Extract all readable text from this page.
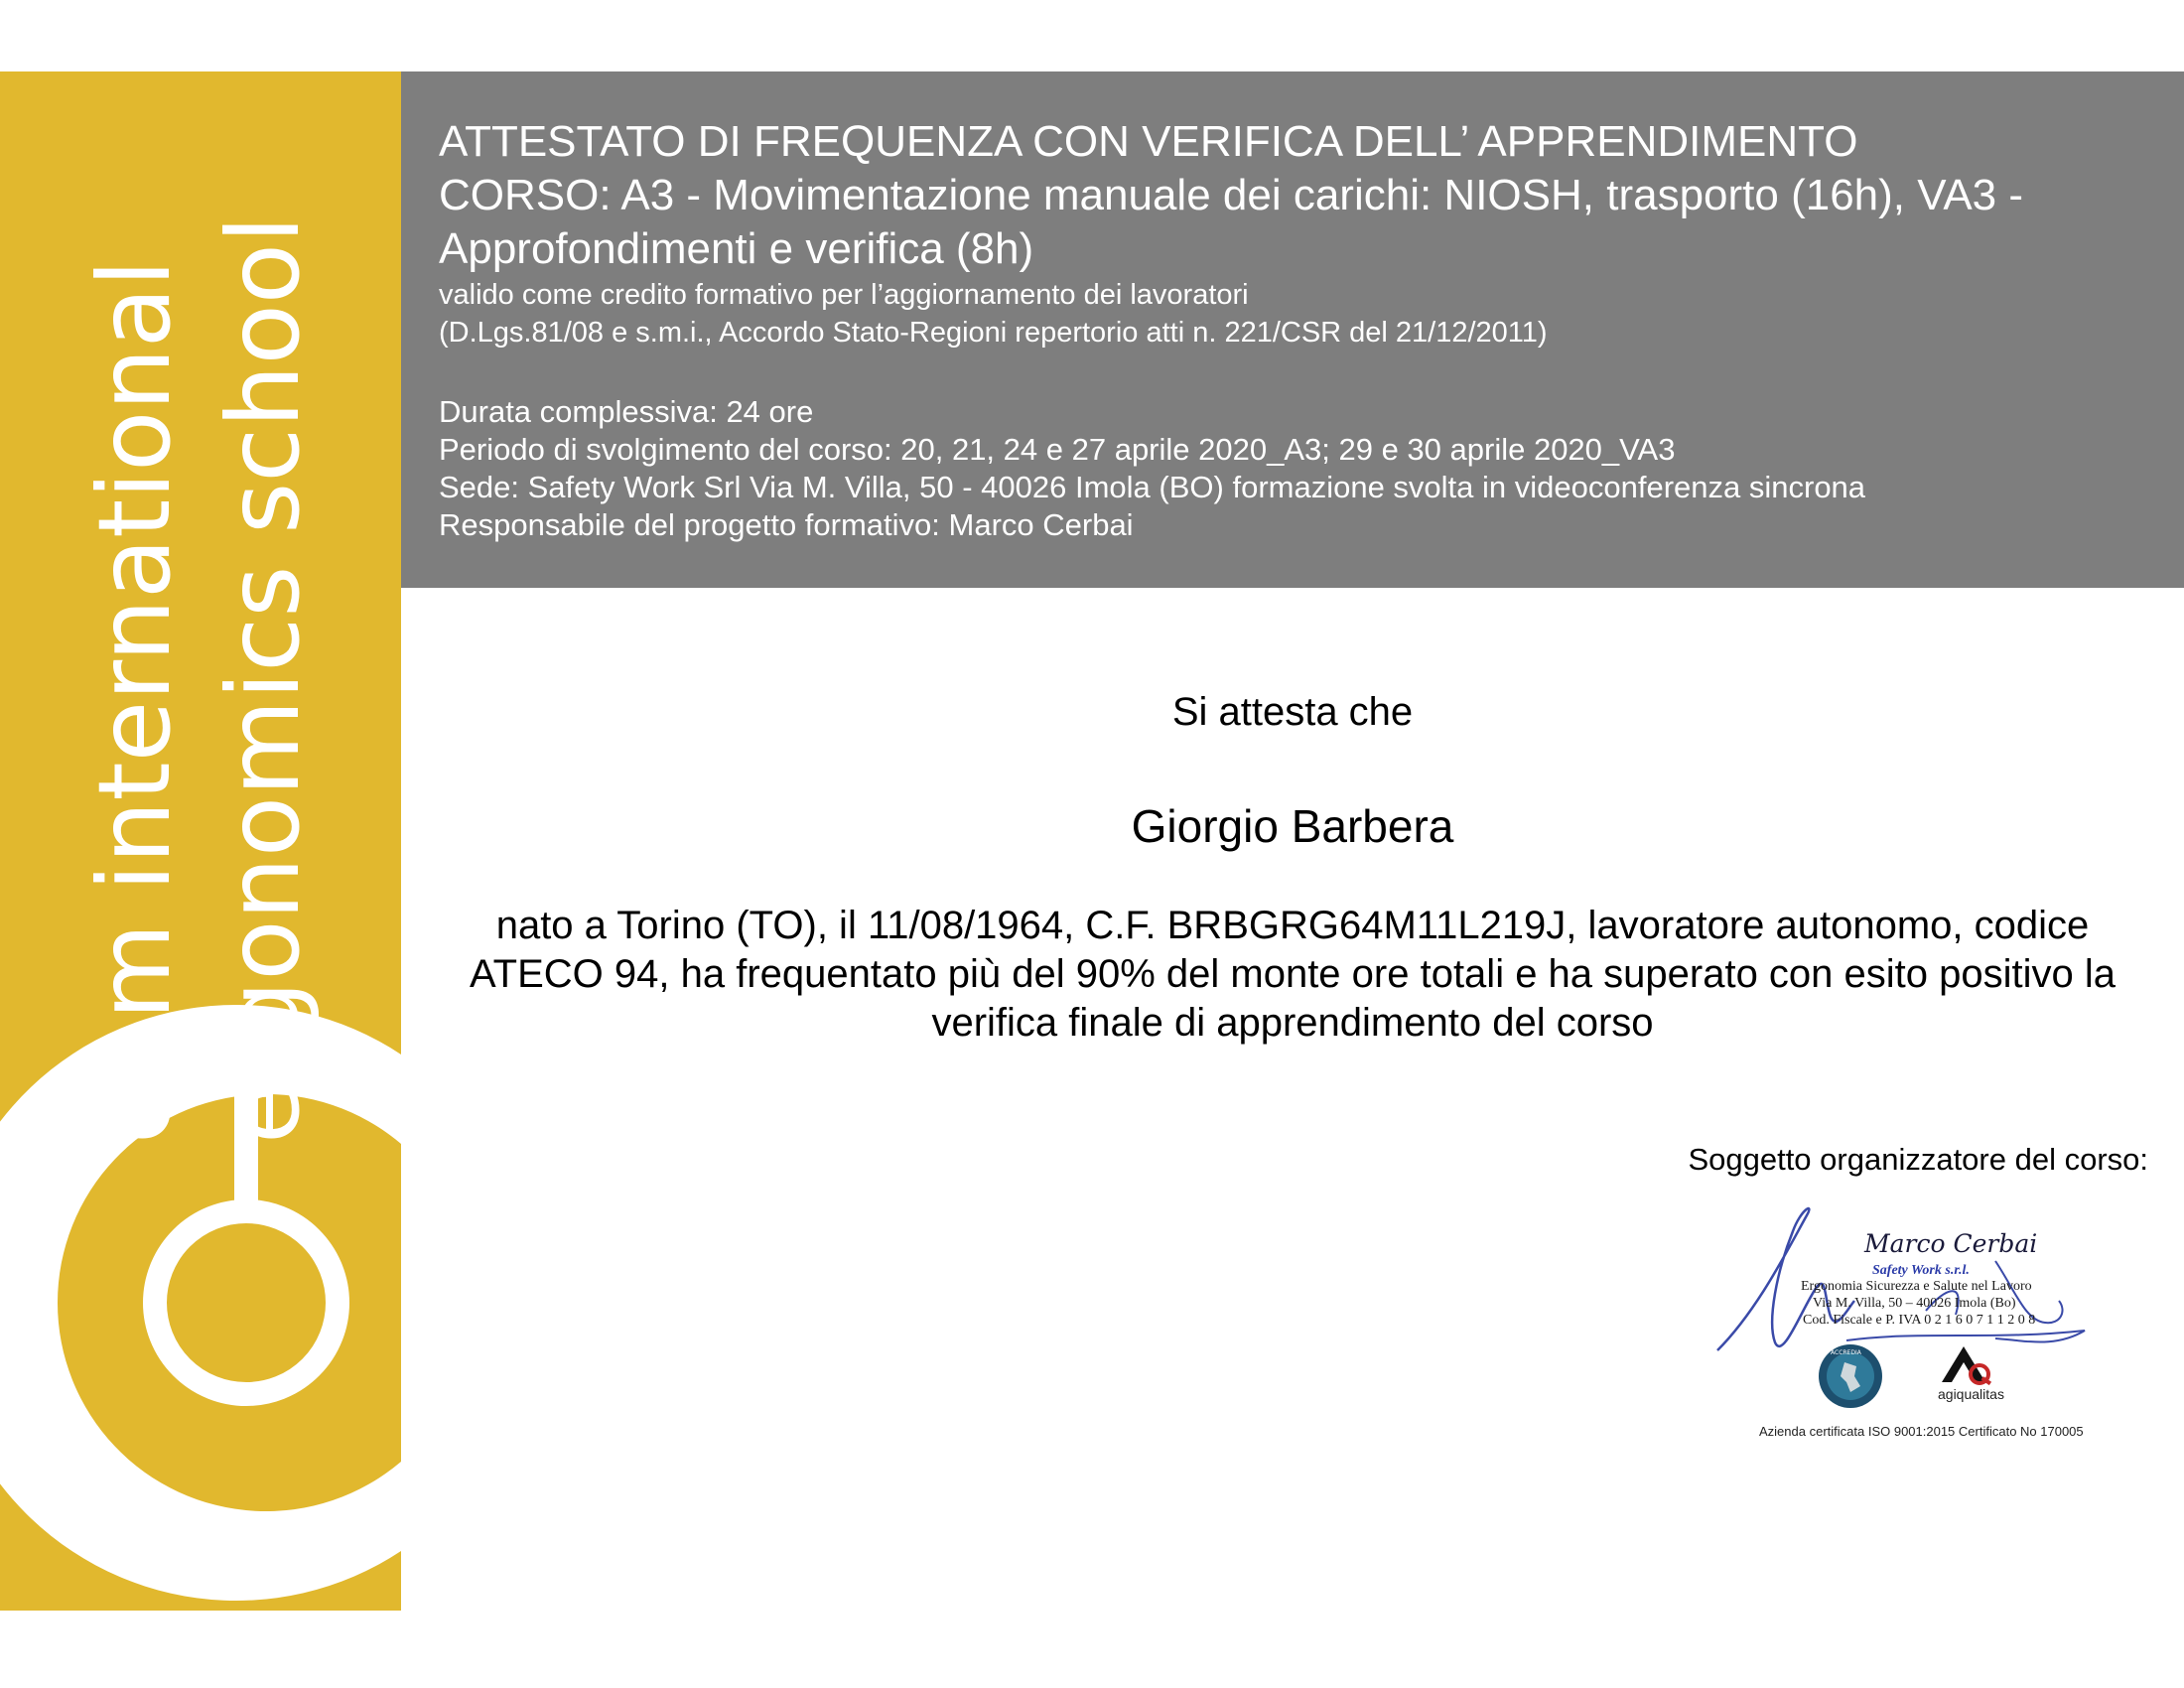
epm international ergonomics school

ATTESTATO DI FREQUENZA CON VERIFICA DELL’ APPRENDIMENTO

CORSO: A3 - Movimentazione manuale dei carichi: NIOSH, trasporto (16h), VA3 - Approfondimenti e verifica (8h)

valido come credito formativo per l’aggiornamento dei lavoratori

(D.Lgs.81/08 e s.m.i., Accordo Stato-Regioni repertorio atti n. 221/CSR del 21/12/2011)

Durata complessiva: 24 ore

Periodo di svolgimento del corso: 20, 21, 24 e 27 aprile 2020_A3; 29 e 30 aprile 2020_VA3

Sede: Safety Work Srl Via M. Villa, 50 - 40026 Imola (BO) formazione svolta in videoconferenza sincrona

Responsabile del progetto formativo: Marco Cerbai

Si attesta che
Giorgio Barbera
nato a Torino (TO), il 11/08/1964, C.F. BRBGRG64M11L219J, lavoratore autonomo, codice ATECO 94, ha frequentato più del 90% del monte ore totali e ha superato con esito positivo la verifica finale di apprendimento del corso
Soggetto organizzatore del corso:
Marco Cerbai
Safety Work s.r.l.
Ergonomia Sicurezza e Salute nel Lavoro
Via M. Villa, 50 – 40026 Imola (Bo)
Cod. Fiscale e P. IVA 0 2 1 6 0 7 1 1 2 0 8
ACCREDIA
agiqualitas
Azienda certificata ISO 9001:2015 Certificato No 170005
